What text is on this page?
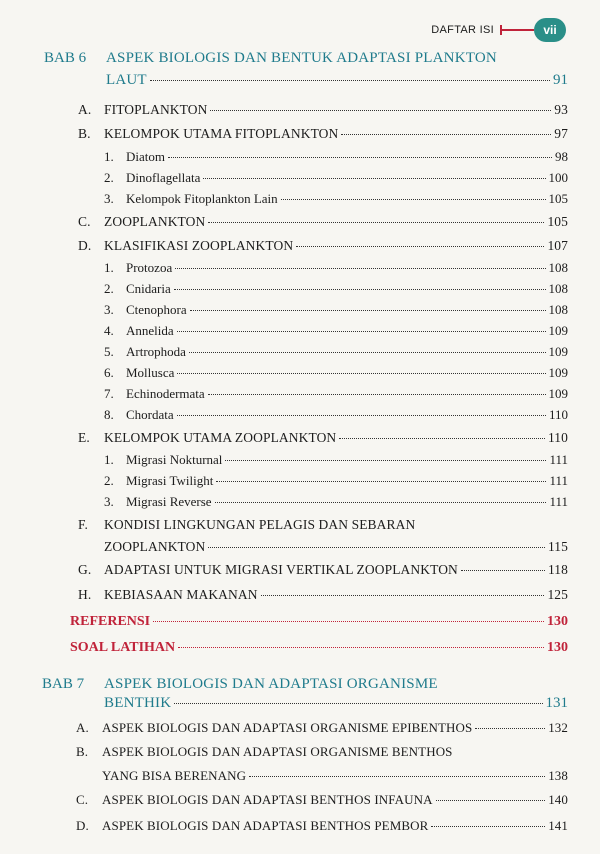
DAFTAR ISI	vii
BAB 6	ASPEK BIOLOGIS DAN BENTUK ADAPTASI PLANKTON
LAUT	91
A. FITOPLANKTON	93
B. KELOMPOK UTAMA FITOPLANKTON	97
1. Diatom	98
2. Dinoflagellata	100
3. Kelompok Fitoplankton Lain	105
C. ZOOPLANKTON	105
D. KLASIFIKASI ZOOPLANKTON	107
1. Protozoa	108
2. Cnidaria	108
3. Ctenophora	108
4. Annelida	109
5. Artrophoda	109
6. Mollusca	109
7. Echinodermata	109
8. Chordata	110
E.	KELOMPOK UTAMA ZOOPLANKTON	110
1. Migrasi Nokturnal	111
2. Migrasi Twilight	111
3. Migrasi Reverse	111
F.	KONDISI LINGKUNGAN PELAGIS DAN SEBARAN
ZOOPLANKTON	115
G. ADAPTASI UNTUK MIGRASI VERTIKAL ZOOPLANKTON	118
H. KEBIASAAN MAKANAN	125
REFERENSI	130
SOAL LATIHAN	130
BAB 7	ASPEK BIOLOGIS DAN ADAPTASI ORGANISME
BENTHIK	131
A.	ASPEK BIOLOGIS DAN ADAPTASI ORGANISME EPIBENTHOS	132
B.	ASPEK BIOLOGIS DAN ADAPTASI ORGANISME BENTHOS
YANG BISA BERENANG	138
C.	ASPEK BIOLOGIS DAN ADAPTASI BENTHOS INFAUNA	140
D.	ASPEK BIOLOGIS DAN ADAPTASI BENTHOS PEMBOR	141
